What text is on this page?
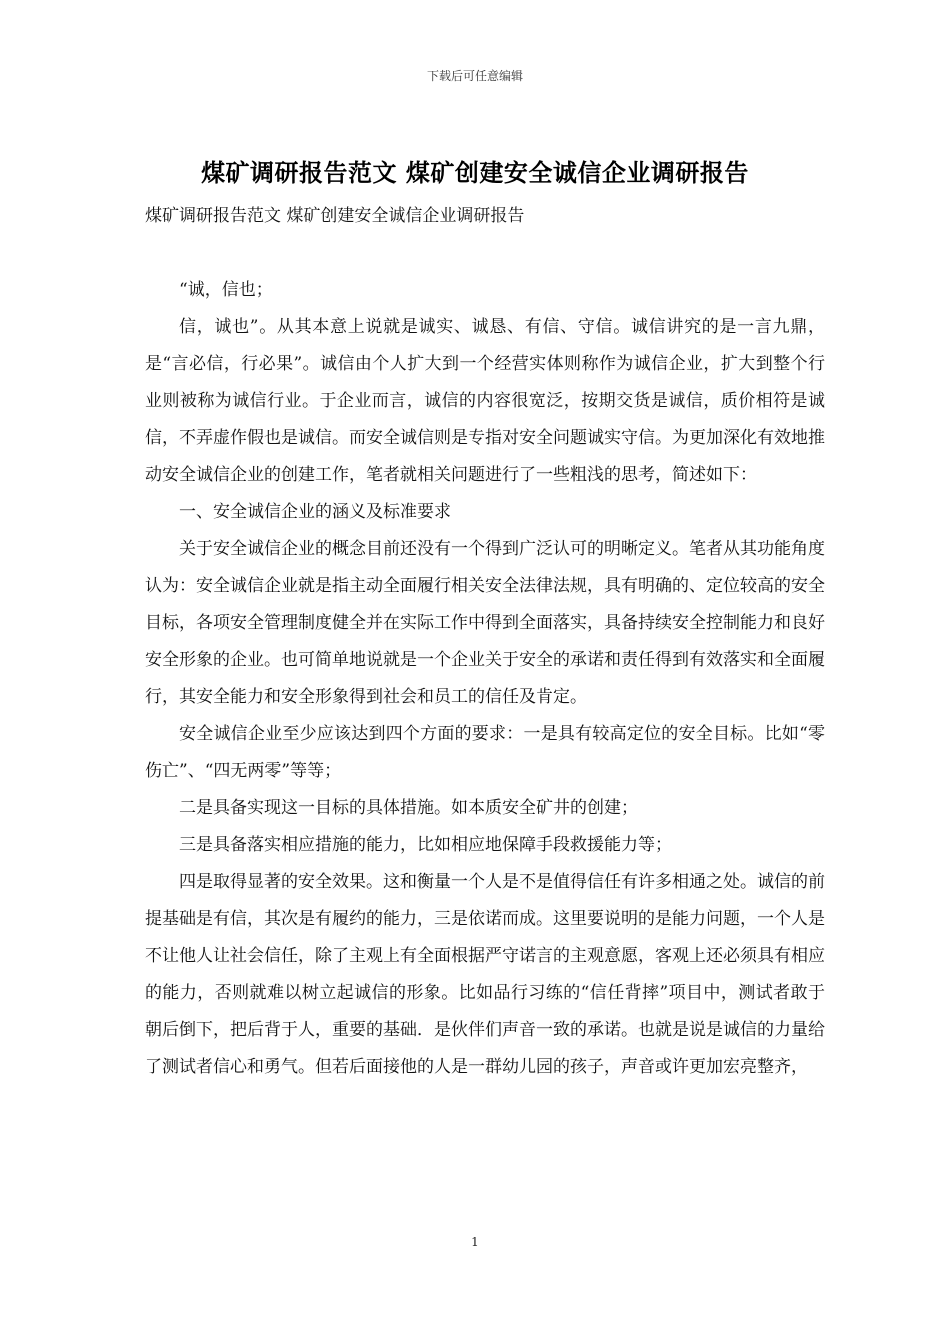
下载后可任意编辑
煤矿调研报告范文 煤矿创建安全诚信企业调研报告
煤矿调研报告范文 煤矿创建安全诚信企业调研报告

“诚，信也；

信，诚也”。从其本意上说就是诚实、诚恳、有信、守信。诚信讲究的是一言九鼎，是“言必信，行必果”。诚信由个人扩大到一个经营实体则称作为诚信企业，扩大到整个行业则被称为诚信行业。于企业而言，诚信的内容很宽泛，按期交货是诚信，质价相符是诚信，不弄虚作假也是诚信。而安全诚信则是专指对安全问题诚实守信。为更加深化有效地推动安全诚信企业的创建工作，笔者就相关问题进行了一些粗浅的思考，简述如下：

一、安全诚信企业的涵义及标准要求

关于安全诚信企业的概念目前还没有一个得到广泛认可的明晰定义。笔者从其功能角度认为：安全诚信企业就是指主动全面履行相关安全法律法规，具有明确的、定位较高的安全目标，各项安全管理制度健全并在实际工作中得到全面落实，具备持续安全控制能力和良好安全形象的企业。也可简单地说就是一个企业关于安全的承诺和责任得到有效落实和全面履行，其安全能力和安全形象得到社会和员工的信任及肯定。

安全诚信企业至少应该达到四个方面的要求：一是具有较高定位的安全目标。比如“零伤亡”、“四无两零”等等；

二是具备实现这一目标的具体措施。如本质安全矿井的创建；

三是具备落实相应措施的能力，比如相应地保障手段救援能力等；

四是取得显著的安全效果。这和衡量一个人是不是值得信任有许多相通之处。诚信的前提基础是有信，其次是有履约的能力，三是依诺而成。这里要说明的是能力问题，一个人是不让他人让社会信任，除了主观上有全面根据严守诺言的主观意愿，客观上还必须具有相应的能力，否则就难以树立起诚信的形象。比如品行习练的“信任背摔”项目中，测试者敢于朝后倒下，把后背于人，重要的基础．是伙伴们声音一致的承诺。也就是说是诚信的力量给了测试者信心和勇气。但若后面接他的人是一群幼儿园的孩子，声音或许更加宏亮整齐，

1
